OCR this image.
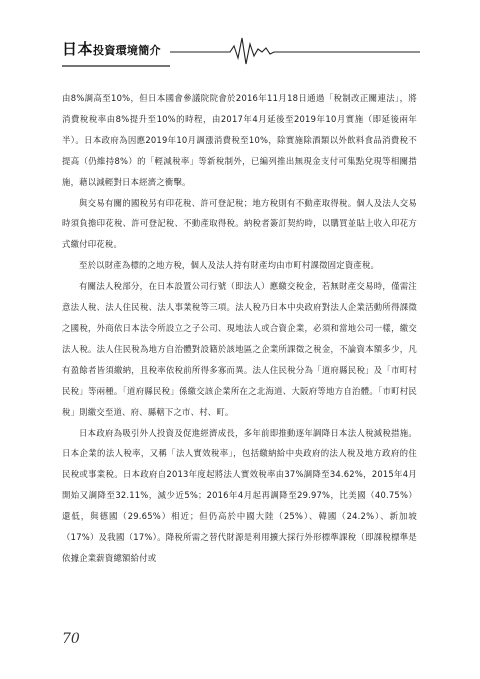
日本投資環境簡介

由8%調高至10%，但日本國會參議院院會於2016年11月18日通過「稅制改正關連法」，將消費稅稅率由8%提升至10%的時程，由2017年4月延後至2019年10月實施（即延後兩年半）。日本政府為因應2019年10月調漲消費稅至10%，除實施除酒類以外飲料食品消費稅不提高（仍維持8%）的「輕減稅率」等新稅制外，已編列推出無現金支付可集點兌現等相關措施，藉以減輕對日本經濟之衝擊。

與交易有關的國稅另有印花稅、許可登記稅；地方稅則有不動產取得稅。個人及法人交易時須負擔印花稅、許可登記稅、不動產取得稅。納稅者簽訂契約時，以購買並貼上收入印花方式繳付印花稅。

至於以財產為標的之地方稅，個人及法人持有財產均由市町村課徵固定資產稅。

有關法人稅部分，在日本設置公司行號（即法人）應繳交稅金，若無財產交易時，僅需注意法人稅、法人住民稅、法人事業稅等三項。法人稅乃日本中央政府對法人企業活動所得課徵之國稅，外商依日本法令所設立之子公司、現地法人或合資企業，必須和當地公司一樣，繳交法人稅。法人住民稅為地方自治體對設籍於該地區之企業所課徵之稅金，不論資本額多少，凡有盈餘者皆須繳納，且稅率依稅前所得多寡而異。法人住民稅分為「道府縣民稅」及「市町村民稅」等兩種。「道府縣民稅」係繳交該企業所在之北海道、大阪府等地方自治體。「市町村民稅」則繳交至道、府、縣轄下之市、村、町。

日本政府為吸引外人投資及促進經濟成長，多年前即推動逐年調降日本法人稅減稅措施。日本企業的法人稅率，又稱「法人實效稅率」，包括繳納給中央政府的法人稅及地方政府的住民稅或事業稅。日本政府自2013年度起將法人實效稅率由37%調降至34.62%，2015年4月開始又調降至32.11%，減少近5%；2016年4月起再調降至29.97%，比美國（40.75%）還低，與德國（29.65%）相近；但仍高於中國大陸（25%）、韓國（24.2%）、新加坡（17%）及我國（17%）。降稅所需之替代財源是利用擴大採行外形標準課稅（即課稅標準是依據企業薪資總額給付或

70
